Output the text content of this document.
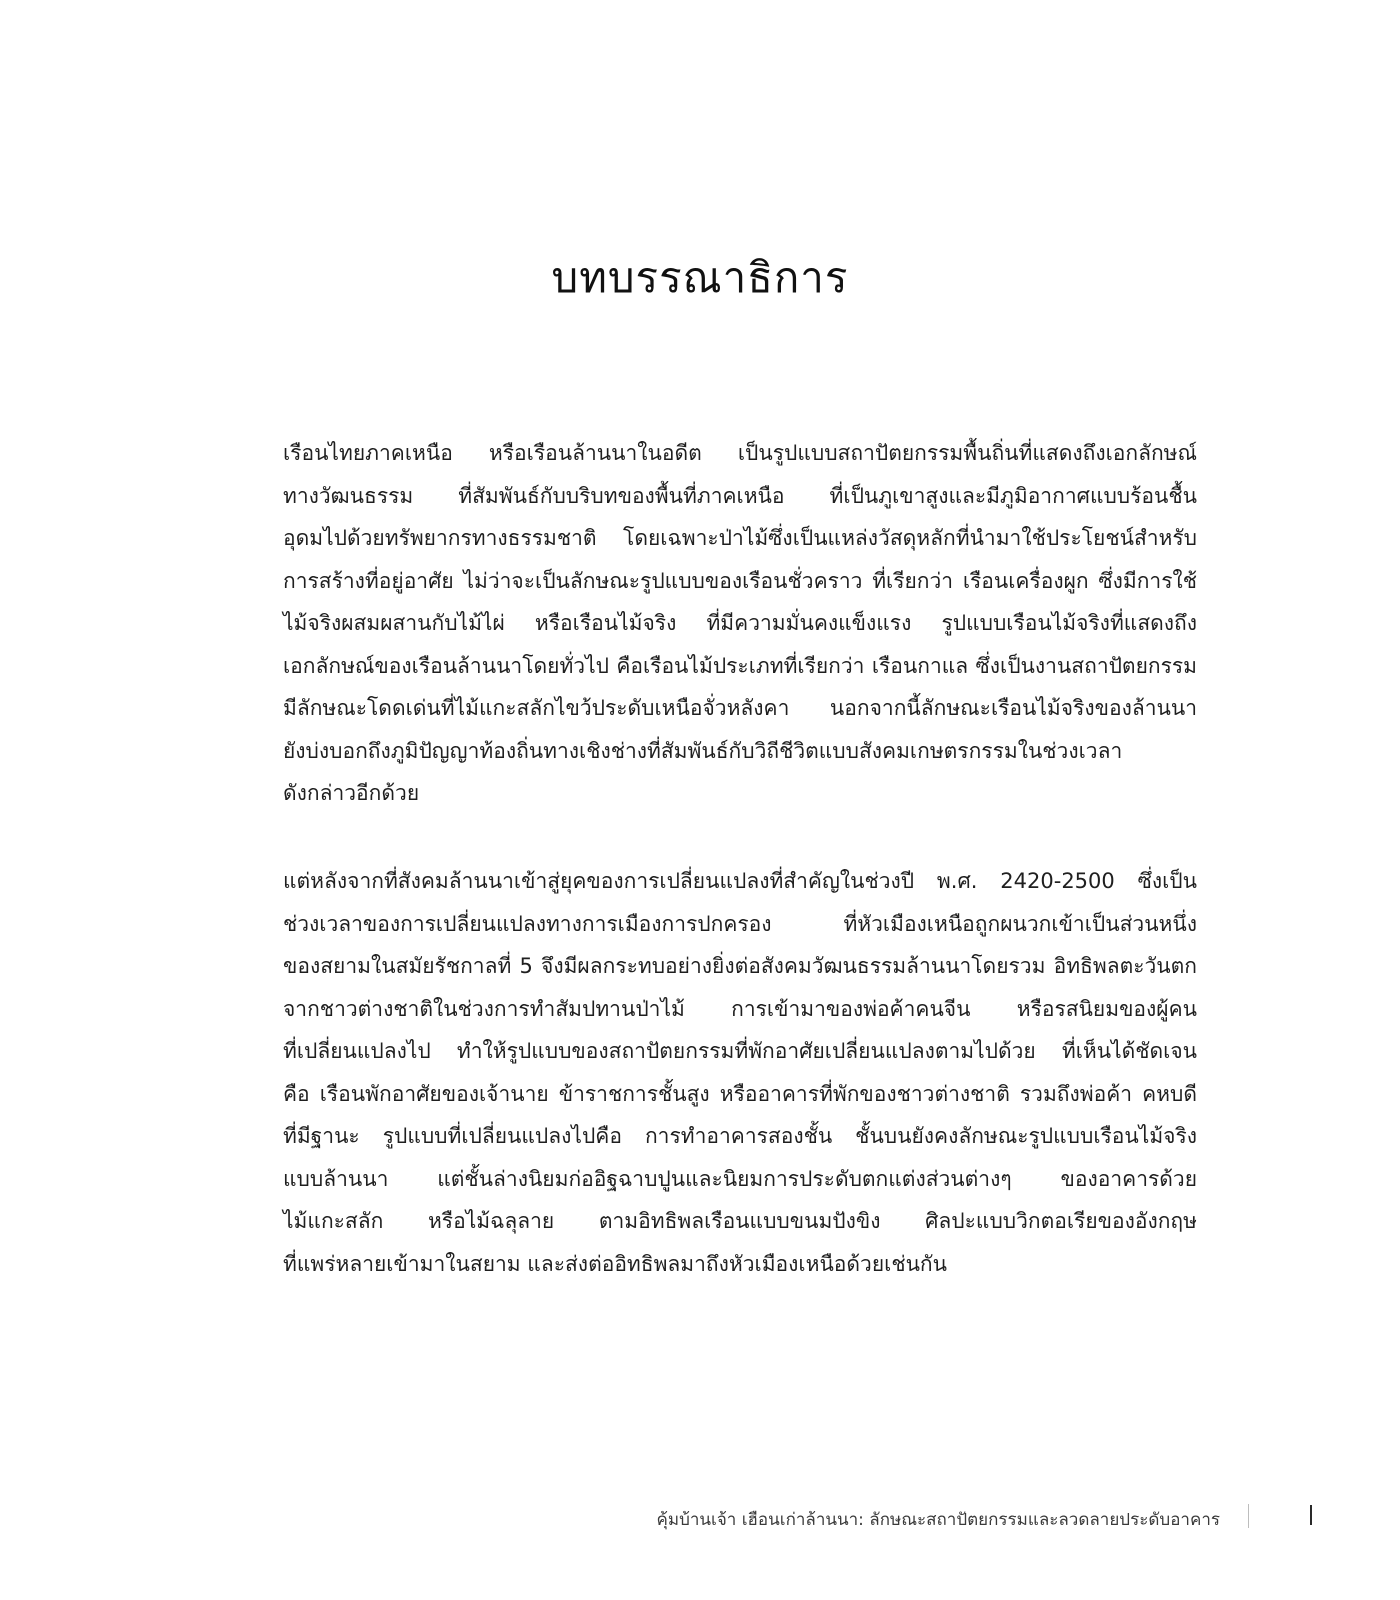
บทบรรณาธิการ
เรือนไทยภาคเหนือ หรือเรือนล้านนาในอดีต เป็นรูปแบบสถาปัตยกรรมพื้นถิ่นที่แสดงถึงเอกลักษณ์
ทางวัฒนธรรม ที่สัมพันธ์กับบริบทของพื้นที่ภาคเหนือ ที่เป็นภูเขาสูงและมีภูมิอากาศแบบร้อนชื้น
อุดมไปด้วยทรัพยากรทางธรรมชาติ โดยเฉพาะป่าไม้ซึ่งเป็นแหล่งวัสดุหลักที่นำมาใช้ประโยชน์สำหรับ
การสร้างที่อยู่อาศัย ไม่ว่าจะเป็นลักษณะรูปแบบของเรือนชั่วคราว ที่เรียกว่า เรือนเครื่องผูก ซึ่งมีการใช้
ไม้จริงผสมผสานกับไม้ไผ่ หรือเรือนไม้จริง ที่มีความมั่นคงแข็งแรง รูปแบบเรือนไม้จริงที่แสดงถึง
เอกลักษณ์ของเรือนล้านนาโดยทั่วไป คือเรือนไม้ประเภทที่เรียกว่า เรือนกาแล ซึ่งเป็นงานสถาปัตยกรรม
มีลักษณะโดดเด่นที่ไม้แกะสลักไขว้ประดับเหนือจั่วหลังคา นอกจากนี้ลักษณะเรือนไม้จริงของล้านนา
ยังบ่งบอกถึงภูมิปัญญาท้องถิ่นทางเชิงช่างที่สัมพันธ์กับวิถีชีวิตแบบสังคมเกษตรกรรมในช่วงเวลา
ดังกล่าวอีกด้วย
แต่หลังจากที่สังคมล้านนาเข้าสู่ยุคของการเปลี่ยนแปลงที่สำคัญในช่วงปี พ.ศ. 2420-2500 ซึ่งเป็น
ช่วงเวลาของการเปลี่ยนแปลงทางการเมืองการปกครอง ที่หัวเมืองเหนือถูกผนวกเข้าเป็นส่วนหนึ่ง
ของสยามในสมัยรัชกาลที่ 5 จึงมีผลกระทบอย่างยิ่งต่อสังคมวัฒนธรรมล้านนาโดยรวม อิทธิพลตะวันตก
จากชาวต่างชาติในช่วงการทำสัมปทานป่าไม้ การเข้ามาของพ่อค้าคนจีน หรือรสนิยมของผู้คน
ที่เปลี่ยนแปลงไป ทำให้รูปแบบของสถาปัตยกรรมที่พักอาศัยเปลี่ยนแปลงตามไปด้วย ที่เห็นได้ชัดเจน
คือ เรือนพักอาศัยของเจ้านาย ข้าราชการชั้นสูง หรืออาคารที่พักของชาวต่างชาติ รวมถึงพ่อค้า คหบดี
ที่มีฐานะ รูปแบบที่เปลี่ยนแปลงไปคือ การทำอาคารสองชั้น ชั้นบนยังคงลักษณะรูปแบบเรือนไม้จริง
แบบล้านนา แต่ชั้นล่างนิยมก่ออิฐฉาบปูนและนิยมการประดับตกแต่งส่วนต่างๆ ของอาคารด้วย
ไม้แกะสลัก หรือไม้ฉลุลาย ตามอิทธิพลเรือนแบบขนมปังขิง ศิลปะแบบวิกตอเรียของอังกฤษ
ที่แพร่หลายเข้ามาในสยาม และส่งต่ออิทธิพลมาถึงหัวเมืองเหนือด้วยเช่นกัน
คุ้มบ้านเจ้า เฮือนเก่าล้านนา: ลักษณะสถาปัตยกรรมและลวดลายประดับอาคาร
